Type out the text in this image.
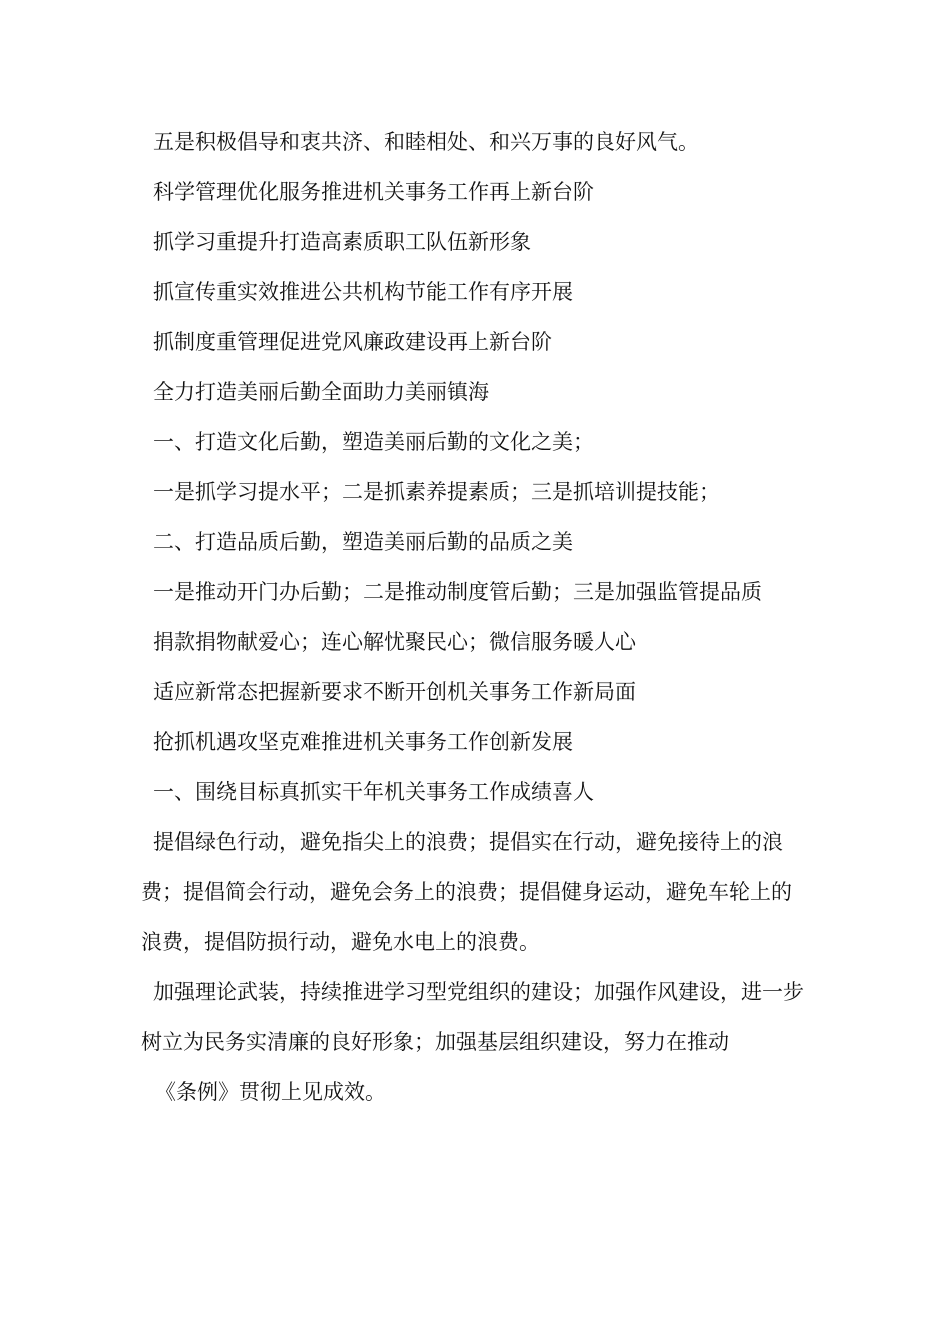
五是积极倡导和衷共济、和睦相处、和兴万事的良好风气。

科学管理优化服务推进机关事务工作再上新台阶

抓学习重提升打造高素质职工队伍新形象

抓宣传重实效推进公共机构节能工作有序开展

抓制度重管理促进党风廉政建设再上新台阶

全力打造美丽后勤全面助力美丽镇海

一、打造文化后勤，塑造美丽后勤的文化之美；

一是抓学习提水平；二是抓素养提素质；三是抓培训提技能；

二、打造品质后勤，塑造美丽后勤的品质之美

一是推动开门办后勤；二是推动制度管后勤；三是加强监管提品质

捐款捐物献爱心；连心解忧聚民心；微信服务暖人心

适应新常态把握新要求不断开创机关事务工作新局面

抢抓机遇攻坚克难推进机关事务工作创新发展

一、围绕目标真抓实干年机关事务工作成绩喜人

提倡绿色行动，避免指尖上的浪费；提倡实在行动，避免接待上的浪费；提倡简会行动，避免会务上的浪费；提倡健身运动，避免车轮上的浪费，提倡防损行动，避免水电上的浪费。

加强理论武装，持续推进学习型党组织的建设；加强作风建设，进一步树立为民务实清廉的良好形象；加强基层组织建设，努力在推动

《条例》贯彻上见成效。
